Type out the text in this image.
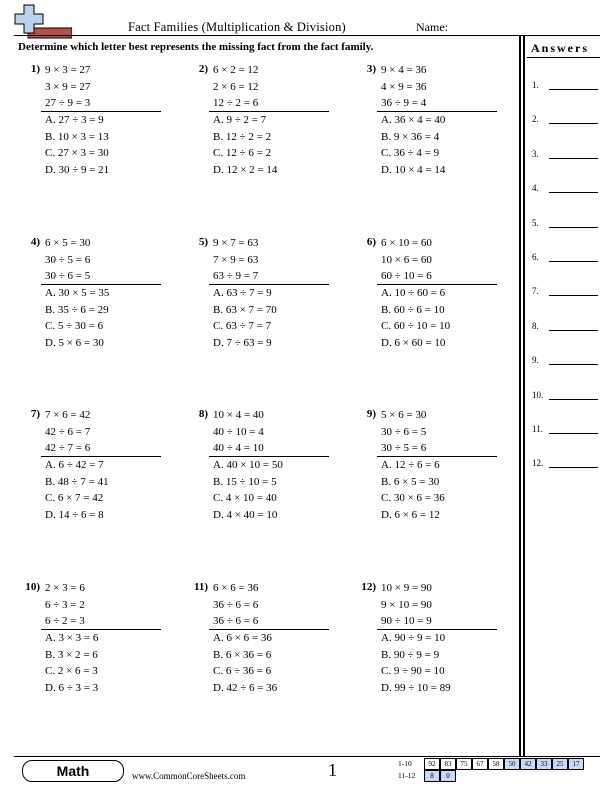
Fact Families (Multiplication & Division)	Name:
Determine which letter best represents the missing fact from the fact family.	Answers
1.
2.
3.
4.
5.
6.
7.
8.
9.
10.
11.
12.
1) 9 × 3 = 27
3 × 9 = 27
27 ÷ 9 = 3
A. 27 ÷ 3 = 9
B. 10 × 3 = 13
C. 27 × 3 = 30
D. 30 ÷ 9 = 21
2) 6 × 2 = 12
2 × 6 = 12
12 ÷ 2 = 6
A. 9 ÷ 2 = 7
B. 12 ÷ 2 = 2
C. 12 ÷ 6 = 2
D. 12 × 2 = 14
3) 9 × 4 = 36
4 × 9 = 36
36 ÷ 9 = 4
A. 36 × 4 = 40
B. 9 × 36 = 4
C. 36 ÷ 4 = 9
D. 10 × 4 = 14
4) 6 × 5 = 30
30 ÷ 5 = 6
30 ÷ 6 = 5
A. 30 × 5 = 35
B. 35 ÷ 6 = 29
C. 5 ÷ 30 = 6
D. 5 × 6 = 30
5) 9 × 7 = 63
7 × 9 = 63
63 ÷ 9 = 7
A. 63 ÷ 7 = 9
B. 63 × 7 = 70
C. 63 ÷ 7 = 7
D. 7 ÷ 63 = 9
6) 6 × 10 = 60
10 × 6 = 60
60 ÷ 10 = 6
A. 10 ÷ 60 = 6
B. 60 ÷ 6 = 10
C. 60 ÷ 10 = 10
D. 6 × 60 = 10
7) 7 × 6 = 42
42 ÷ 6 = 7
42 ÷ 7 = 6
A. 6 ÷ 42 = 7
B. 48 ÷ 7 = 41
C. 6 × 7 = 42
D. 14 ÷ 6 = 8
8) 10 × 4 = 40
40 ÷ 10 = 4
40 ÷ 4 = 10
A. 40 × 10 = 50
B. 15 ÷ 10 = 5
C. 4 × 10 = 40
D. 4 × 40 = 10
9) 5 × 6 = 30
30 ÷ 6 = 5
30 ÷ 5 = 6
A. 12 ÷ 6 = 6
B. 6 × 5 = 30
C. 30 × 6 = 36
D. 6 × 6 = 12
10) 2 × 3 = 6
6 ÷ 3 = 2
6 ÷ 2 = 3
A. 3 × 3 = 6
B. 3 × 2 = 6
C. 2 × 6 = 3
D. 6 ÷ 3 = 3
11) 6 × 6 = 36
36 ÷ 6 = 6
36 ÷ 6 = 6
A. 6 × 6 = 36
B. 6 × 36 = 6
C. 6 ÷ 36 = 6
D. 42 ÷ 6 = 36
12) 10 × 9 = 90
9 × 10 = 90
90 ÷ 10 = 9
A. 90 ÷ 9 = 10
B. 90 ÷ 9 = 9
C. 9 ÷ 90 = 10
D. 99 ÷ 10 = 89
Math	www.CommonCoreSheets.com	1	1-10	92	83	75	67	58	50	42	33	25	17
11-12	8	0
